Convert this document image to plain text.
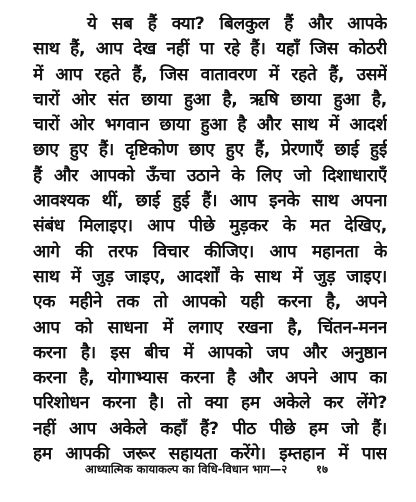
ये सब हैं क्या? बिलकुल हैं और आपके
साथ हैं, आप देख नहीं पा रहे हैं। यहाँ जिस कोठरी
में आप रहते हैं, जिस वातावरण में रहते हैं, उसमें
चारों ओर संत छाया हुआ है, ऋषि छाया हुआ है,
चारों ओर भगवान छाया हुआ है और साथ में आदर्श
छाए हुए हैं। दृष्टिकोण छाए हुए हैं, प्रेरणाएँ छाई हुई
हैं और आपको ऊँचा उठाने के लिए जो दिशाधाराएँ
आवश्यक थीं, छाई हुई हैं। आप इनके साथ अपना
संबंध मिलाइए। आप पीछे मुड़कर के मत देखिए,
आगे की तरफ विचार कीजिए। आप महानता के
साथ में जुड़ जाइए, आदर्शों के साथ में जुड़ जाइए।
एक महीने तक तो आपको यही करना है, अपने
आप को साधना में लगाए रखना है, चिंतन-मनन
करना है। इस बीच में आपको जप और अनुष्ठान
करना है, योगाभ्यास करना है और अपने आप का
परिशोधन करना है। तो क्या हम अकेले कर लेंगे?
नहीं आप अकेले कहाँ हैं? पीठ पीछे हम जो हैं।
हम आपकी जरूर सहायता करेंगे। इम्तहान में पास
आध्यात्मिक कायाकल्प का विधि-विधान भाग—२	१७
